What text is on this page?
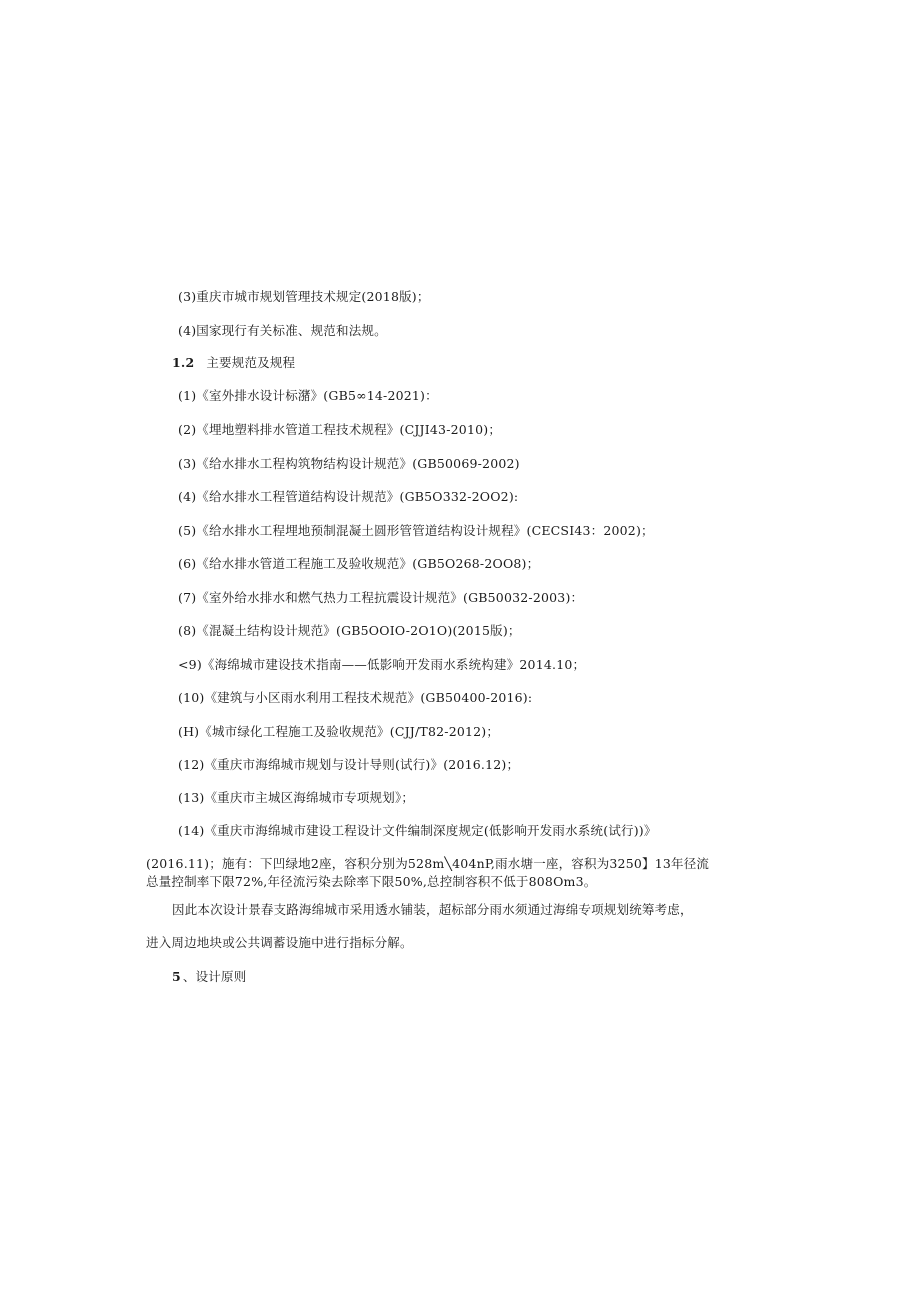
(3)重庆市城市规划管理技术规定(2018版)；
(4)国家现行有关标准、规范和法规。
1.2 主要规范及规程
(1)《室外排水设计标潴》(GB5∞14-2021)：
(2)《埋地塑料排水管道工程技术规程》(CJJI43-2010)；
(3)《给水排水工程构筑物结构设计规范》(GB50069-2002)
(4)《给水排水工程管道结构设计规范》(GB5O332-2OO2):
(5)《给水排水工程埋地预制混凝土圆形管管道结构设计规程》(CECSI43：2002)；
(6)《给水排水管道工程施工及验收规范》(GB5O268-2OO8)；
(7)《室外给水排水和燃气热力工程抗震设计规范》(GB50032-2003)：
(8)《混凝土结构设计规范》(GB5OOIO-2O1O)(2015版)；
<9)《海绵城市建设技术指南——低影响开发雨水系统构建》2014.10；
(10)《建筑与小区雨水利用工程技术规范》(GB50400-2016):
(H)《城市绿化工程施工及验收规范》(CJJ/T82-2012)；
(12)《重庆市海绵城市规划与设计导则(试行)》(2016.12)；
(13)《重庆市主城区海绵城市专项规划》；
(14)《重庆市海绵城市建设工程设计文件编制深度规定(低影响开发雨水系统(试行))》
(2016.11)；施有：下凹绿地2座，容积分别为528m╲404nP,雨水塘一座，容积为3250】13年径流
总量控制率下限72%,年径流污染去除率下限50%,总控制容积不低于808Om3。
因此本次设计景春支路海绵城市采用透水铺装，超标部分雨水须通过海绵专项规划统筹考虑，
进入周边地块或公共调蓄设施中进行指标分解。
5 、设计原则
